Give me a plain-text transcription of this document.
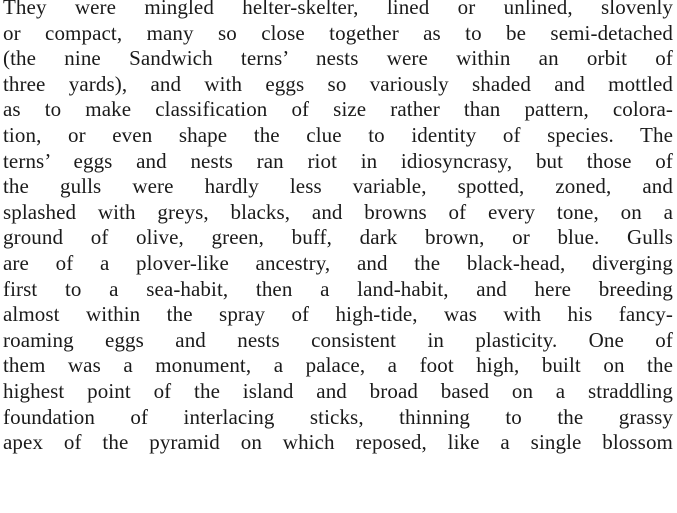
They were mingled helter-skelter, lined or unlined, slovenly
or compact, many so close together as to be semi-detached
(the nine Sandwich terns’ nests were within an orbit of
three yards), and with eggs so variously shaded and mottled
as to make classification of size rather than pattern, colora-
tion, or even shape the clue to identity of species. The
terns’ eggs and nests ran riot in idiosyncrasy, but those of
the gulls were hardly less variable, spotted, zoned, and
splashed with greys, blacks, and browns of every tone, on a
ground of olive, green, buff, dark brown, or blue. Gulls
are of a plover-like ancestry, and the black-head, diverging
first to a sea-habit, then a land-habit, and here breeding
almost within the spray of high-tide, was with his fancy-
roaming eggs and nests consistent in plasticity. One of
them was a monument, a palace, a foot high, built on the
highest point of the island and broad based on a straddling
foundation of interlacing sticks, thinning to the grassy
apex of the pyramid on which reposed, like a single blossom
